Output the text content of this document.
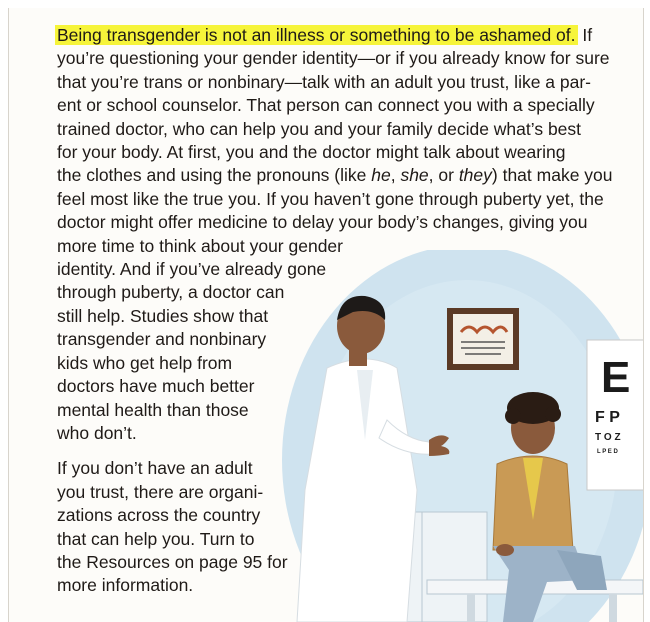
E
F P
T O Z
L P E D
Being transgender is not an illness or something to be ashamed of. If
you’re questioning your gender identity—or if you already know for sure
that you’re trans or nonbinary—talk with an adult you trust, like a par-
ent or school counselor. That person can connect you with a specially
trained doctor, who can help you and your family decide what’s best
for your body. At first, you and the doctor might talk about wearing
the clothes and using the pronouns (like he, she, or they) that make you
feel most like the true you. If you haven’t gone through puberty yet, the
doctor might offer medicine to delay your body’s changes, giving you
more time to think about your gender
identity. And if you’ve already gone
through puberty, a doctor can
still help. Studies show that
transgender and nonbinary
kids who get help from
doctors have much better
mental health than those
who don’t.
If you don’t have an adult
you trust, there are organi-
zations across the country
that can help you. Turn to
the Resources on page 95 for
more information.
